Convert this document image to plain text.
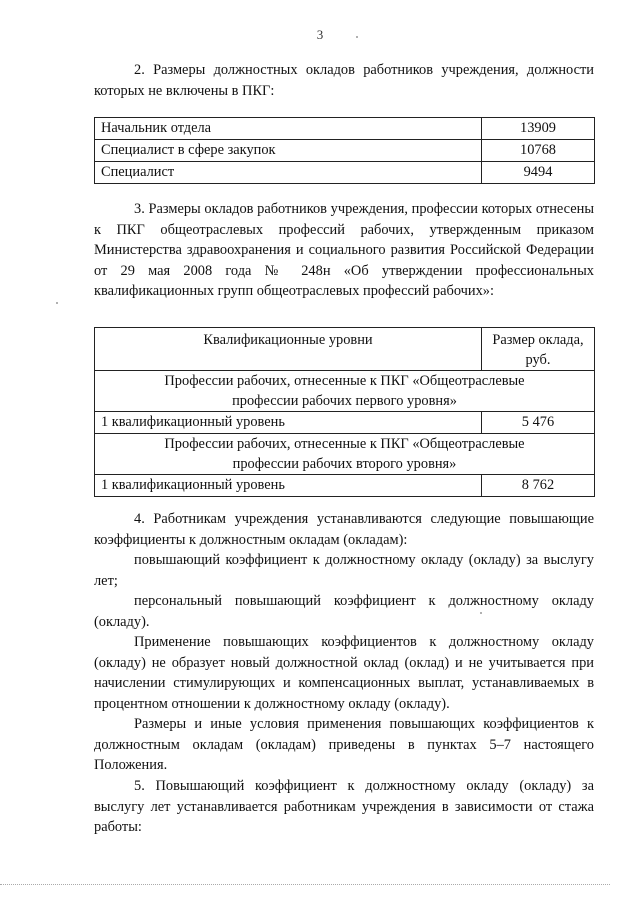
3
2. Размеры должностных окладов работников учреждения, должности которых не включены в ПКГ:
Начальник отдела	13909
Специалист в сфере закупок	10768
Специалист	9494
3. Размеры окладов работников учреждения, профессии которых отнесены к ПКГ общеотраслевых профессий рабочих, утвержденным приказом Министерства здравоохранения и социального развития Российской Федерации от 29 мая 2008 года № 248н «Об утверждении профессиональных квалификационных групп общеотраслевых профессий рабочих»:
Квалификационные уровни	Размер оклада, руб.
Профессии рабочих, отнесенные к ПКГ «Общеотраслевые профессии рабочих первого уровня»	
1 квалификационный уровень	5 476
Профессии рабочих, отнесенные к ПКГ «Общеотраслевые профессии рабочих второго уровня»	
1 квалификационный уровень	8 762
4. Работникам учреждения устанавливаются следующие повышающие коэффициенты к должностным окладам (окладам):
повышающий коэффициент к должностному окладу (окладу) за выслугу лет;
персональный повышающий коэффициент к должностному окладу (окладу).
Применение повышающих коэффициентов к должностному окладу (окладу) не образует новый должностной оклад (оклад) и не учитывается при начислении стимулирующих и компенсационных выплат, устанавливаемых в процентном отношении к должностному окладу (окладу).
Размеры и иные условия применения повышающих коэффициентов к должностным окладам (окладам) приведены в пунктах 5–7 настоящего Положения.
5. Повышающий коэффициент к должностному окладу (окладу) за выслугу лет устанавливается работникам учреждения в зависимости от стажа работы:
